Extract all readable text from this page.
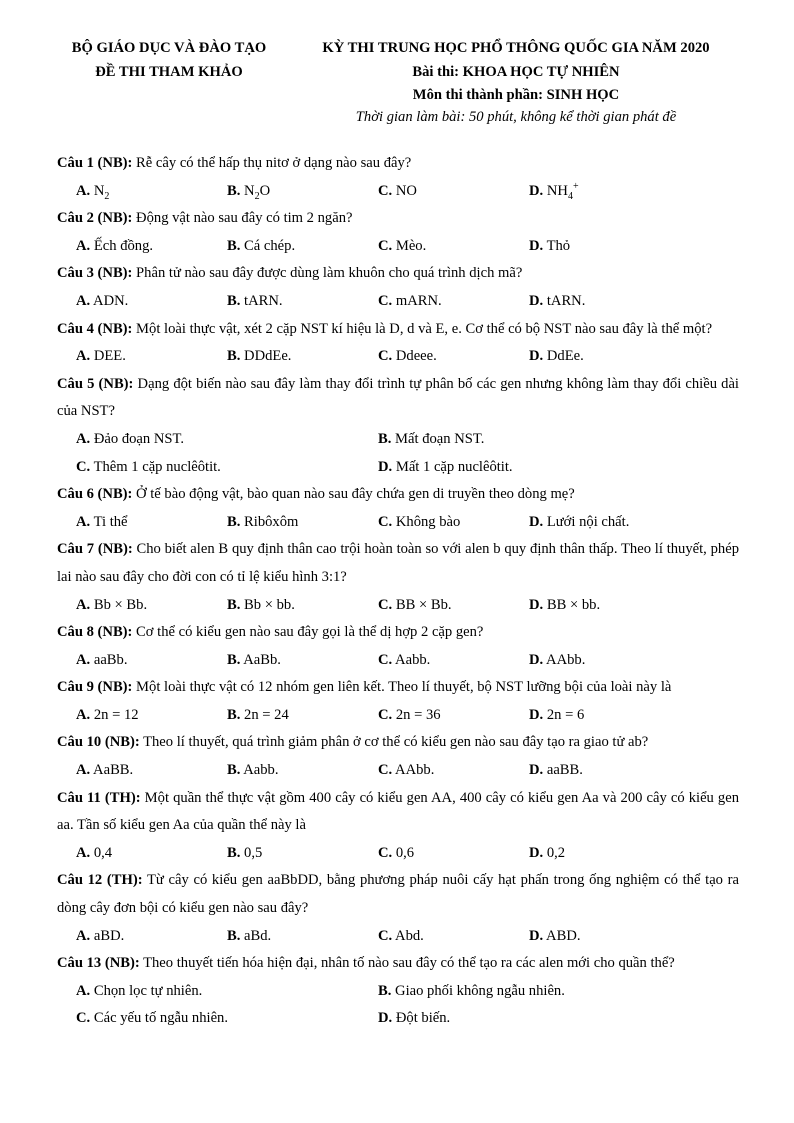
BỘ GIÁO DỤC VÀ ĐÀO TẠO
ĐỀ THI THAM KHẢO
KỲ THI TRUNG HỌC PHỔ THÔNG QUỐC GIA NĂM 2020
Bài thi: KHOA HỌC TỰ NHIÊN
Môn thi thành phần: SINH HỌC
Thời gian làm bài: 50 phút, không kể thời gian phát đề

Câu 1 (NB): Rễ cây có thể hấp thụ nitơ ở dạng nào sau đây?

A. $N_2$	B. $N_2O$	C. NO	D. $NH_4^+$

Câu 2 (NB): Động vật nào sau đây có tim 2 ngăn?

A. Ếch đồng.	B. Cá chép.	C. Mèo.	D. Thỏ

Câu 3 (NB): Phân tử nào sau đây được dùng làm khuôn cho quá trình dịch mã?

A. ADN.	B. tARN.	C. mARN.	D. tARN.

Câu 4 (NB): Một loài thực vật, xét 2 cặp NST kí hiệu là D, d và E, e. Cơ thể có bộ NST nào sau đây là thể một?

A. DEE.	B. DDdEe.	C. Ddeee.	D. DdEe.

Câu 5 (NB): Dạng đột biến nào sau đây làm thay đổi trình tự phân bố các gen nhưng không làm thay đổi chiều dài của NST?

A. Đảo đoạn NST.	B. Mất đoạn NST.
C. Thêm 1 cặp nuclêôtit.	D. Mất 1 cặp nuclêôtit.

Câu 6 (NB): Ở tế bào động vật, bào quan nào sau đây chứa gen di truyền theo dòng mẹ?

A. Ti thể	B. Ribôxôm	C. Không bào	D. Lưới nội chất.

Câu 7 (NB): Cho biết alen B quy định thân cao trội hoàn toàn so với alen b quy định thân thấp. Theo lí thuyết, phép lai nào sau đây cho đời con có tỉ lệ kiểu hình 3:1?

A. Bb × Bb.	B. Bb × bb.	C. BB × Bb.	D. BB × bb.

Câu 8 (NB): Cơ thể có kiểu gen nào sau đây gọi là thể dị hợp 2 cặp gen?

A. aaBb.	B. AaBb.	C. Aabb.	D. AAbb.

Câu 9 (NB): Một loài thực vật có 12 nhóm gen liên kết. Theo lí thuyết, bộ NST lưỡng bội của loài này là

A. 2n = 12	B. 2n = 24	C. 2n = 36	D. 2n = 6

Câu 10 (NB): Theo lí thuyết, quá trình giảm phân ở cơ thể có kiểu gen nào sau đây tạo ra giao tử ab?

A. AaBB.	B. Aabb.	C. AAbb.	D. aaBB.

Câu 11 (TH): Một quần thể thực vật gồm 400 cây có kiểu gen AA, 400 cây có kiểu gen Aa và 200 cây có kiểu gen aa. Tần số kiểu gen Aa của quần thể này là

A. 0,4	B. 0,5	C. 0,6	D. 0,2

Câu 12 (TH): Từ cây có kiểu gen aaBbDD, bằng phương pháp nuôi cấy hạt phấn trong ống nghiệm có thể tạo ra dòng cây đơn bội có kiểu gen nào sau đây?

A. aBD.	B. aBd.	C. Abd.	D. ABD.

Câu 13 (NB): Theo thuyết tiến hóa hiện đại, nhân tố nào sau đây có thể tạo ra các alen mới cho quần thể?

A. Chọn lọc tự nhiên.	B. Giao phối không ngẫu nhiên.
C. Các yếu tố ngẫu nhiên.	D. Đột biến.
